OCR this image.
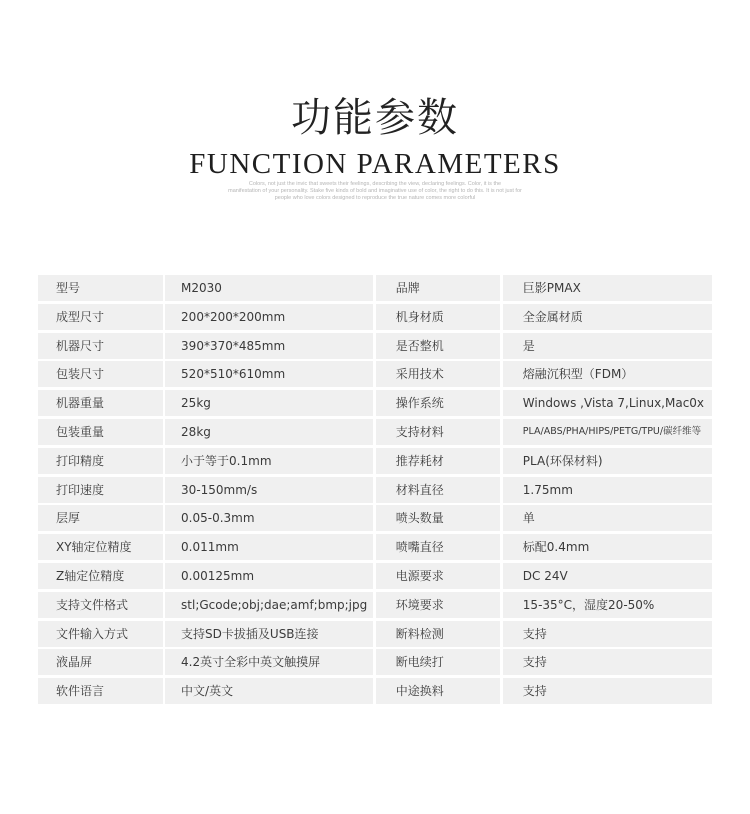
功能参数
FUNCTION PARAMETERS
Colors, not just the invic that sweets their feelings, describing the view, declaring feelings. Color, it is the
manifestation of your personality. Stake five kinds of bold and imaginative use of color, the right to do this. It is not just for
people who love colors designed to reproduce the true nature comes more colorful
型号	M2030	品牌	巨影PMAX
成型尺寸	200*200*200mm	机身材质	全金属材质
机器尺寸	390*370*485mm	是否整机	是
包装尺寸	520*510*610mm	采用技术	熔融沉积型（FDM）
机器重量	25kg	操作系统	Windows ,Vista 7,Linux,Mac0x
包装重量	28kg	支持材料	PLA/ABS/PHA/HIPS/PETG/TPU/碳纤维等
打印精度	小于等于0.1mm	推荐耗材	PLA(环保材料)
打印速度	30-150mm/s	材料直径	1.75mm
层厚	0.05-0.3mm	喷头数量	单
XY轴定位精度	0.011mm	喷嘴直径	标配0.4mm
Z轴定位精度	0.00125mm	电源要求	DC 24V
支持文件格式	stl;Gcode;obj;dae;amf;bmp;jpg	环境要求	15-35°C，湿度20-50%
文件输入方式	支持SD卡拔插及USB连接	断料检测	支持
液晶屏	4.2英寸全彩中英文触摸屏	断电续打	支持
软件语言	中文/英文	中途换料	支持
